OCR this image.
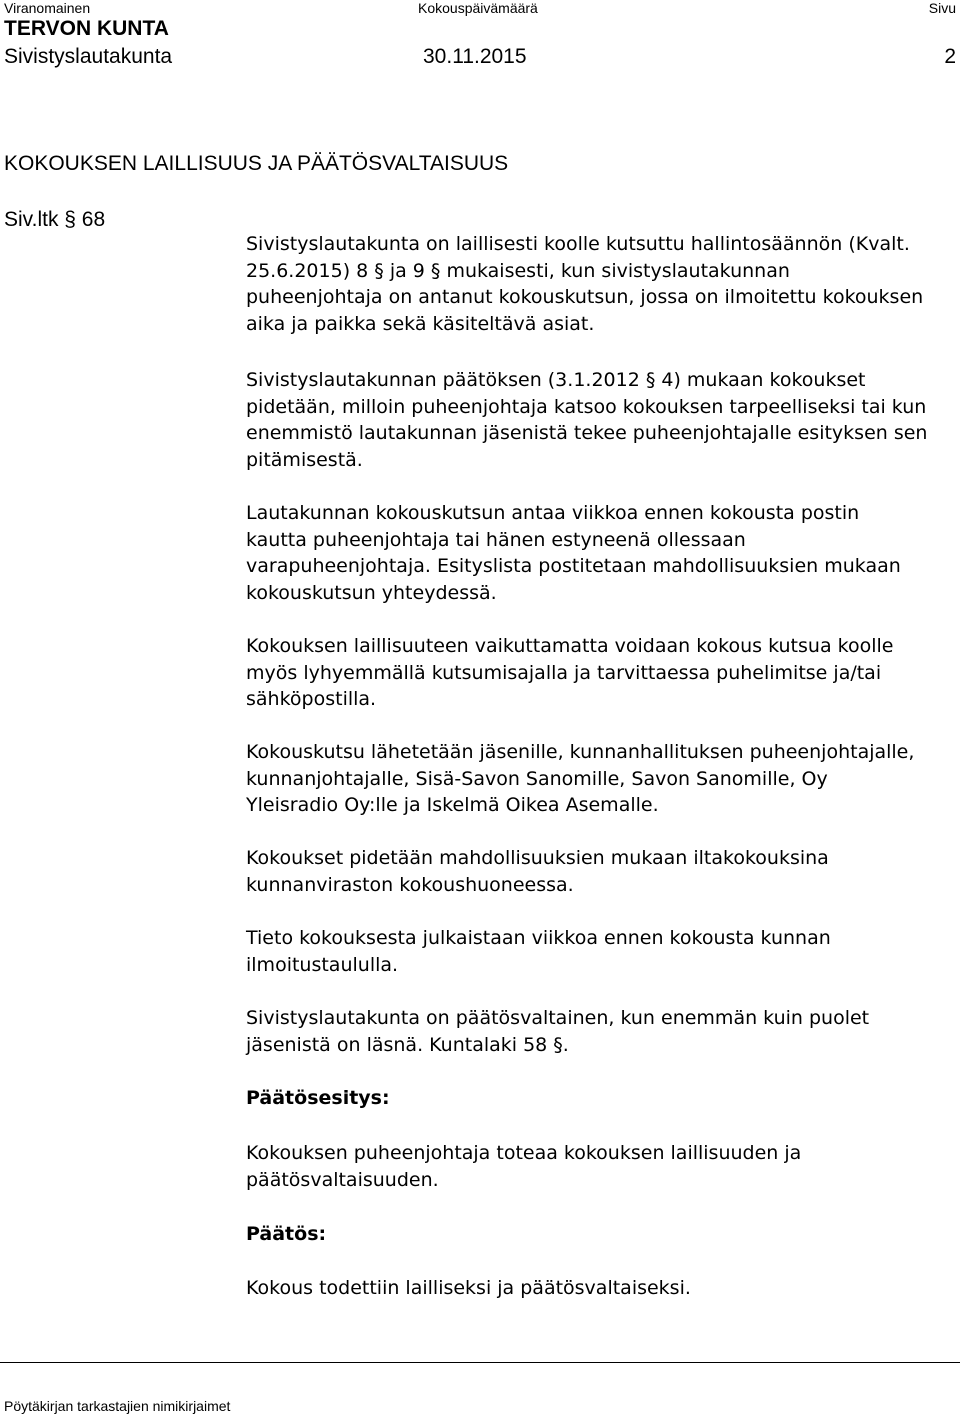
Viranomainen	Kokouspäivämäärä	Sivu
TERVON KUNTA
Sivistyslautakunta	30.11.2015	2
KOKOUKSEN LAILLISUUS JA PÄÄTÖSVALTAISUUS
Siv.ltk § 68

Sivistyslautakunta on laillisesti koolle kutsuttu hallintosäännön (Kvalt.
25.6.2015) 8 § ja 9 § mukaisesti, kun sivistyslautakunnan
puheenjohtaja on antanut kokouskutsun, jossa on ilmoitettu kokouksen
aika ja paikka sekä käsiteltävä asiat.

Sivistyslautakunnan päätöksen (3.1.2012 § 4) mukaan kokoukset
pidetään, milloin puheenjohtaja katsoo kokouksen tarpeelliseksi tai kun
enemmistö lautakunnan jäsenistä tekee puheenjohtajalle esityksen sen
pitämisestä.

Lautakunnan kokouskutsun antaa viikkoa ennen kokousta postin
kautta puheenjohtaja tai hänen estyneenä ollessaan
varapuheenjohtaja. Esityslista postitetaan mahdollisuuksien mukaan
kokouskutsun yhteydessä.

Kokouksen laillisuuteen vaikuttamatta voidaan kokous kutsua koolle
myös lyhyemmällä kutsumisajalla ja tarvittaessa puhelimitse ja/tai
sähköpostilla.

Kokouskutsu lähetetään jäsenille, kunnanhallituksen puheenjohtajalle,
kunnanjohtajalle, Sisä-Savon Sanomille, Savon Sanomille, Oy
Yleisradio Oy:lle ja Iskelmä Oikea Asemalle.

Kokoukset pidetään mahdollisuuksien mukaan iltakokouksina
kunnanviraston kokoushuoneessa.

Tieto kokouksesta julkaistaan viikkoa ennen kokousta kunnan
ilmoitustaululla.

Sivistyslautakunta on päätösvaltainen, kun enemmän kuin puolet
jäsenistä on läsnä. Kuntalaki 58 §.

Päätösesitys:

Kokouksen puheenjohtaja toteaa kokouksen laillisuuden ja
päätösvaltaisuuden.

Päätös:

Kokous todettiin lailliseksi ja päätösvaltaiseksi.

Pöytäkirjan tarkastajien nimikirjaimet
